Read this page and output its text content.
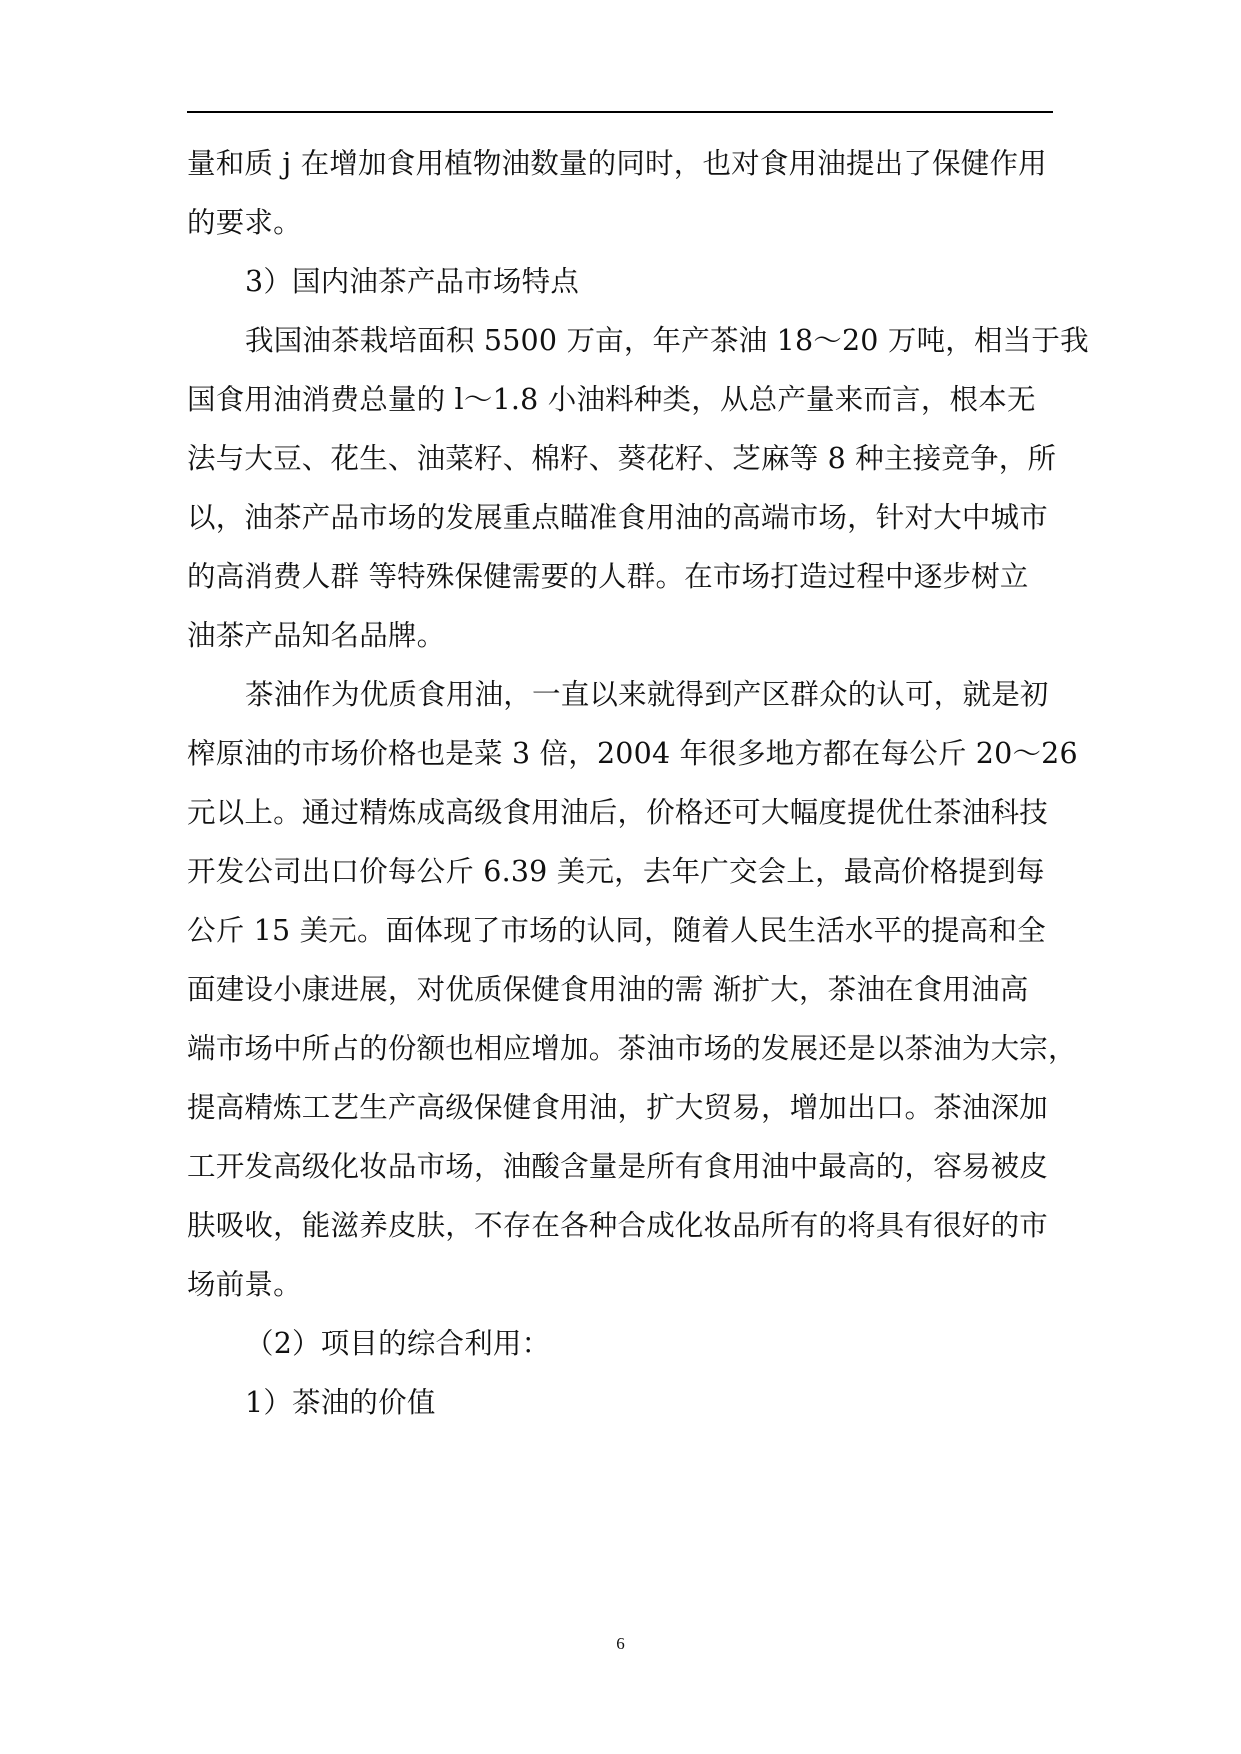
量和质 j 在增加食用植物油数量的同时，也对食用油提出了保健作用
的要求。
3）国内油茶产品市场特点
我国油茶栽培面积 5500 万亩，年产茶油 18～20 万吨，相当于我
国食用油消费总量的 l～1.8 小油料种类，从总产量来而言，根本无
法与大豆、花生、油菜籽、棉籽、葵花籽、芝麻等 8 种主接竞争，所
以，油茶产品市场的发展重点瞄准食用油的高端市场，针对大中城市
的高消费人群 等特殊保健需要的人群。在市场打造过程中逐步树立
油茶产品知名品牌。
茶油作为优质食用油，一直以来就得到产区群众的认可，就是初
榨原油的市场价格也是菜 3 倍，2004 年很多地方都在每公斤 20～26
元以上。通过精炼成高级食用油后，价格还可大幅度提优仕茶油科技
开发公司出口价每公斤 6.39 美元，去年广交会上，最高价格提到每
公斤 15 美元。面体现了市场的认同，随着人民生活水平的提高和全
面建设小康进展，对优质保健食用油的需 渐扩大，茶油在食用油高
端市场中所占的份额也相应增加。茶油市场的发展还是以茶油为大宗，
提高精炼工艺生产高级保健食用油，扩大贸易，增加出口。茶油深加
工开发高级化妆品市场，油酸含量是所有食用油中最高的，容易被皮
肤吸收，能滋养皮肤，不存在各种合成化妆品所有的将具有很好的市
场前景。
（2）项目的综合利用：
1）茶油的价值
6
